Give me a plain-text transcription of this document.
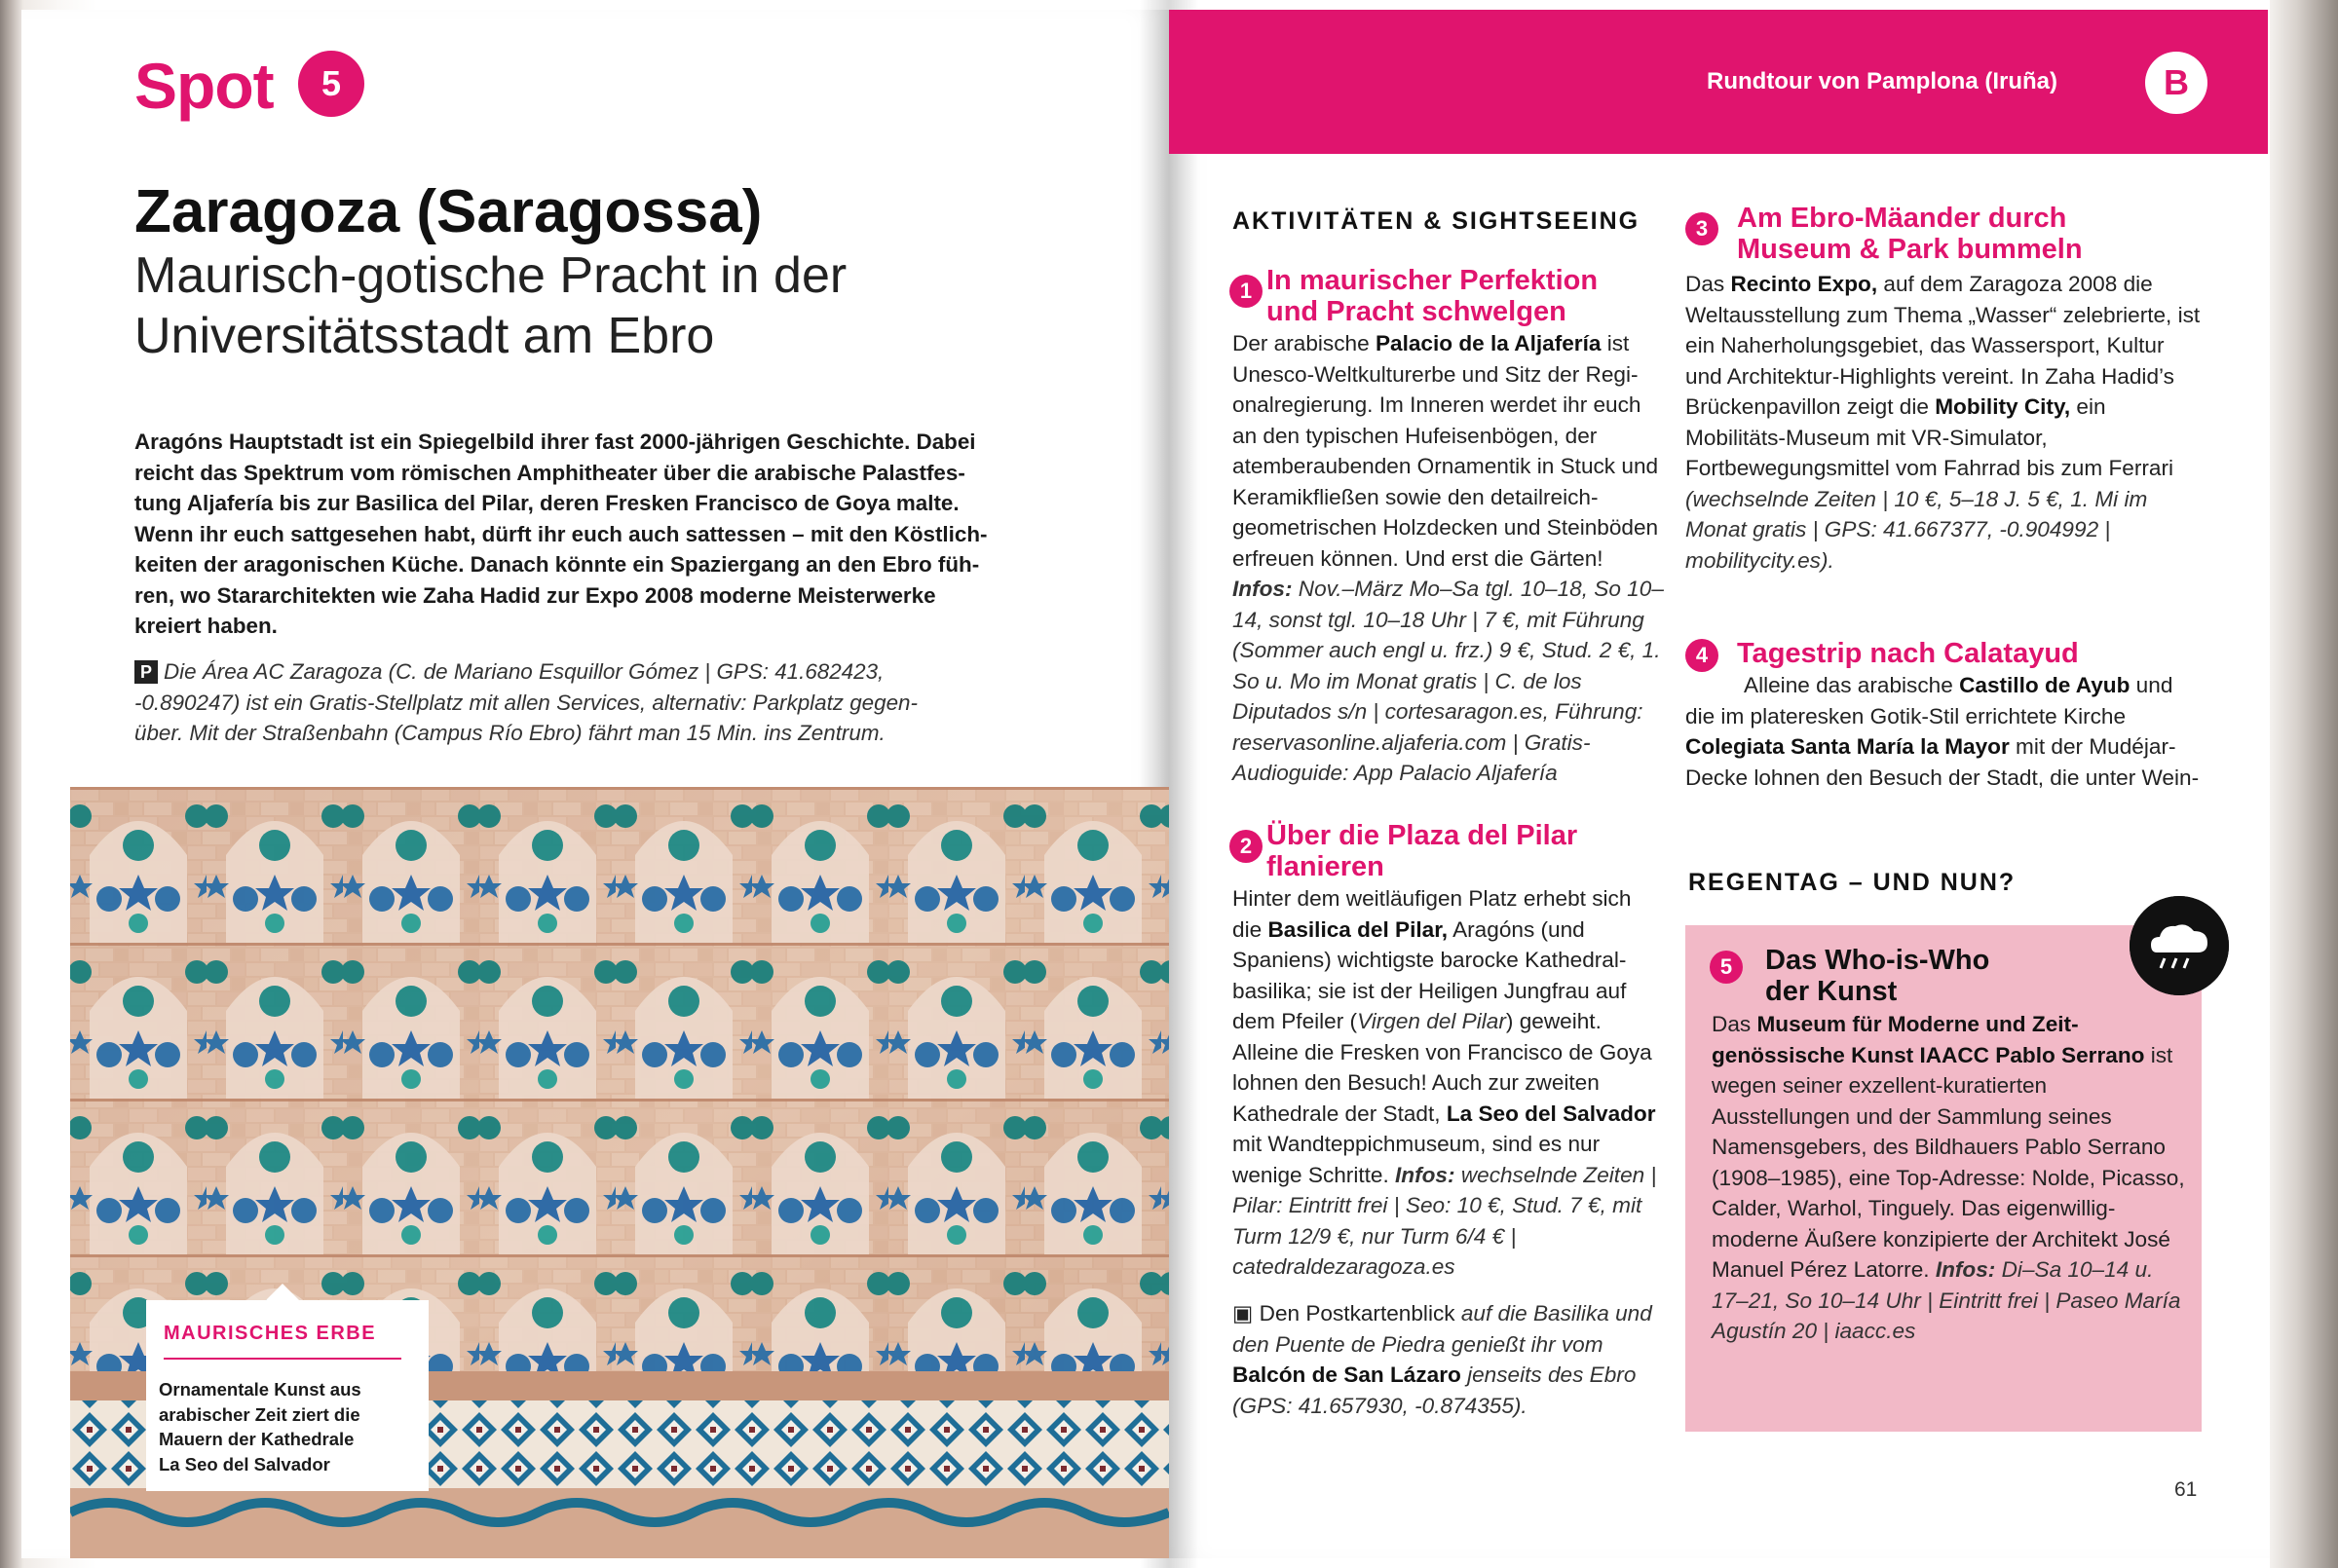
Spot	5
Zaragoza (Saragossa)
Maurisch-gotische Pracht in der
Universitätsstadt am Ebro
Aragóns Hauptstadt ist ein Spiegelbild ihrer fast 2000-jährigen Geschichte. Dabei
reicht das Spektrum vom römischen Amphitheater über die arabische Palastfes-
tung Aljafería bis zur Basilica del Pilar, deren Fresken Francisco de Goya malte.
Wenn ihr euch sattgesehen habt, dürft ihr euch auch sattessen – mit den Köstlich-
keiten der aragonischen Küche. Danach könnte ein Spaziergang an den Ebro füh-
ren, wo Stararchitekten wie Zaha Hadid zur Expo 2008 moderne Meisterwerke
kreiert haben.
P Die Área AC Zaragoza (C. de Mariano Esquillor Gómez | GPS: 41.682423,
-0.890247) ist ein Gratis-Stellplatz mit allen Services, alternativ: Parkplatz gegen-
über. Mit der Straßenbahn (Campus Río Ebro) fährt man 15 Min. ins Zentrum.
MAURISCHES ERBE
Ornamentale Kunst aus
arabischer Zeit ziert die
Mauern der Kathedrale
La Seo del Salvador
Rundtour von Pamplona (Iruña)	B
AKTIVITÄTEN & SIGHTSEEING
1 In maurischer Perfektion
und Pracht schwelgen
Der arabische Palacio de la Aljafería ist Unesco-Weltkulturerbe und Sitz der Regionalregierung. Im Inneren werdet ihr euch an den typischen Hufeisenbögen, der atemberaubenden Ornamentik in Stuck und Keramikfließen sowie den detailreich-geometrischen Holzdecken und Steinböden erfreuen können. Und erst die Gärten! Infos: Nov.–März Mo–Sa tgl. 10–18, So 10–14, sonst tgl. 10–18 Uhr | 7 €, mit Führung (Sommer auch engl u. frz.) 9 €, Stud. 2 €, 1. So u. Mo im Monat gratis | C. de los Diputados s/n | cortesaragon.es, Führung: reservasonline.aljaferia.com | Gratis-Audioguide: App Palacio Aljafería
2 Über die Plaza del Pilar
flanieren
Hinter dem weitläufigen Platz erhebt sich die Basilica del Pilar, Aragóns (und Spaniens) wichtigste barocke Kathedralbasilika; sie ist der Heiligen Jungfrau auf dem Pfeiler (Virgen del Pilar) geweiht. Alleine die Fresken von Francisco de Goya lohnen den Besuch! Auch zur zweiten Kathedrale der Stadt, La Seo del Salvador mit Wandteppichmuseum, sind es nur wenige Schritte. Infos: wechselnde Zeiten | Pilar: Eintritt frei | Seo: 10 €, Stud. 7 €, mit Turm 12/9 €, nur Turm 6/4 € | catedraldezaragoza.es
▣ Den Postkartenblick auf die Basilika und den Puente de Piedra genießt ihr vom Balcón de San Lázaro jenseits des Ebro (GPS: 41.657930, -0.874355).
3	Am Ebro-Mäander durch
Museum & Park bummeln
Das Recinto Expo, auf dem Zaragoza 2008 die Weltausstellung zum Thema „Wasser“ zelebrierte, ist ein Naherholungsgebiet, das Wassersport, Kultur und Architektur-Highlights vereint. In Zaha Hadid’s Brückenpavillon zeigt die Mobility City, ein Mobilitäts-Museum mit VR-Simulator, Fortbewegungsmittel vom Fahrrad bis zum Ferrari (wechselnde Zeiten | 10 €, 5–18 J. 5 €, 1. Mi im Monat gratis | GPS: 41.667377, -0.904992 | mobilitycity.es).
4	Tagestrip nach Calatayud
Alleine das arabische Castillo de Ayub und die im plateresken Gotik-Stil errichtete Kirche Colegiata Santa María la Mayor mit der Mudéjar-Decke lohnen den Besuch der Stadt, die unter Wein-
REGENTAG – UND NUN?
5	Das Who-is-Who
der Kunst
Das Museum für Moderne und Zeitgenössische Kunst IAACC Pablo Serrano ist wegen seiner exzellent-kuratierten Ausstellungen und der Sammlung seines Namensgebers, des Bildhauers Pablo Serrano (1908–1985), eine Top-Adresse: Nolde, Picasso, Calder, Warhol, Tinguely. Das eigenwillig-moderne Äußere konzipierte der Architekt José Manuel Pérez Latorre. Infos: Di–Sa 10–14 u. 17–21, So 10–14 Uhr | Eintritt frei | Paseo María Agustín 20 | iaacc.es
61
